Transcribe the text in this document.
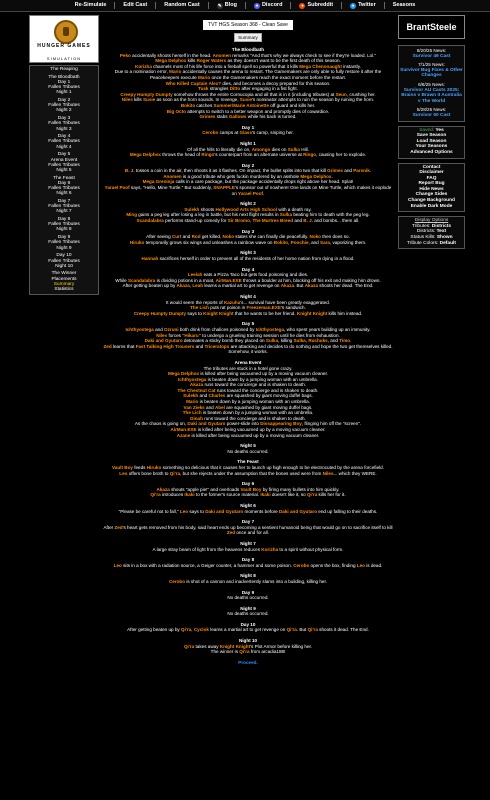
Re-Simulate	Edit Cast	Random Cast	✎ Blog	● Discord	● Subreddit	● Twitter	Seasons
HUNGER GAMES
SIMULATION
The Reaping
The Bloodbath
Day 1
Fallen Tributes
Night 1
Day 2
Fallen Tributes
Night 2
Day 3
Fallen Tributes
Night 3
Day 4
Fallen Tributes
Night 4
Day 5
Arena Event
Fallen Tributes
Night 5
The Feast
Day 6
Fallen Tributes
Night 6
Day 7
Fallen Tributes
Night 7
Day 8
Fallen Tributes
Night 8
Day 9
Fallen Tributes
Night 9
Day 10
Fallen Tributes
Night 10
The Winner
Placements
Summary
Statistics
TVT HGS Season 368 - Clean Save
Summary
The Bloodbath
Peko accidentally shoots herself in the head. Anomen remarks "And that's why we always check to see if they're loaded. Lol."
Mega Delphox kills Roger Waters as they doesn't want to be the first death of this season.
Korizha channels most of his life force into a fireball spell so powerful that it kills Mega Chenonaught instantly.
Due to a nomination error, Mario accidentally causes the arena to restart. The Gamemakers are only able to fully restore it after the Peacekeepers execute Mario once the Gamemakers reach the exact moment before the restart.
Who Killed Captain Alex? dies, and becomes a decoy prepared for this season.
Tusk strangles Ditto after engaging in a fist fight.
Creepy Humpty Dumpty somehow throws the entire Cornucopia and all that is in it (including tributes) at Seun, crushing her.
Niles kills Susie as soon as the horn sounds. In revenge, Susie's nominator attempts to ruin the season by ruining the horn.
Bokito catches Summer/Marie Antoinette off guard and kills her.
Big Octo attempts to switch to a better weapon and promptly dies of cowardice.
Grimes stabs Gallows while his back is turned.
Day 1
Cerobo camps at Glass's camp, sniping her.
Night 1
Of all the hills to literally die on, Amongo dies on Sulka Hill.
Mega Delphox throws the head of Ringo's counterpart from an alternate universe at Ringo, causing her to explode.
Day 2
B. J. tosses a coin in the air, then shoots it as it flashes. On impact, the bullet splits into two that kill Grimes and Parsnik.
Anomen is a good tribute who gets fuckin murdered by an asshole Mega Delphox.
Mega Greninja calls in a care package, but the package accidentally drops right above her head. Splat!
Yarael Poof says, "Hello, Mine Turtle." But suddenly, SNAPPLE's sponsor out of nowhere! One lands on Mine Turtle, which makes it explode on Yarael Poof.
Night 2
Sulekh shoots Hollywood Arts High School with a death ray.
Ming gains a peg leg after losing a leg in battle, but his next flight results in Sulka beating him to death with the peg leg.
Scandalabra performs stand-up comedy for Sir Bromo, The Murtres Breed and B. J. and bombs... them all.
Day 3
After seeing Curt and Rod get killed, Noko states she can finally die peacefully. Noko then does so.
Hiruko temporarily grows six wings and unleashes a rainbow wave on Bokito, Poochie, and Sara, vaporizing them.
Night 3
Hannah sacrifices herself in order to prevent all of the residents of her home nation from dying in a flood.
Day 4
Leelah eats a Pizza Taco but gets food poisoning and dies.
While Scandalabra is dividing potions in a moat, AirMan.EXE throws a boulder at him, blocking off his exit and making him drown.
After getting beaten up by Akaza, Leah learns a martial art to get revenge on Akaza. But Akaza shoots her dead. The End.
Night 4
It would seem the reports of Kazuha's... survival have been greatly exaggerated.
The Lich puts rat poison in Freezeman.EXE's sandwich.
Creepy Humpty Dumpty says to Knight Knight that he wants to be her friend. Knight Knight kills him instead.
Day 5
Ichthyostega and Ozruni both drink from chalices poisoned by Ichthyostega, who spent years building up an immunity.
Niles forces "Hikaru" to undergo a grueling training session until he dies from exhaustion.
Daki and Gyutaro detonates a sticky bomb they placed on Sulka, killing Sulka, Ruchuks, and Timo.
Zed learns that Fast Talking High Trousers and Triceratops are attacking and decides to do nothing and hope the two get themselves killed. Somehow, it works.
Arena Event
The tributes are stuck in a hotel gone crazy.
Mega Delphox is killed after being vacuumed up by a moving vacuum cleaner.
Ichthyostega is beaten down by a jumping woman with an umbrella.
Akaza runs toward the concierge and is shaken to death.
The Chestnut Cat runs toward the concierge and is shaken to death.
Sulekh and Charles are squashed by giant moving duffel bags.
Mario is beaten down by a jumping woman with an umbrella.
Van Zieks and Abel are squashed by giant moving duffel bags.
The Lich is beaten down by a jumping woman with an umbrella.
Dinah runs toward the concierge and is shaken to death.
As the chaos is going on, Daki and Gyutaro power-slide into Dissappearing Boy, flinging him off the "screen".
AirMan.EXE is killed after being vacuumed up by a moving vacuum cleaner.
Azane is killed after being vacuumed up by a moving vacuum cleaner.
Night 5
No deaths occurred.
The Feast
Vault Boy feeds Hiruko something so delicious that it causes her to launch up high enough to be electrocuted by the arena forcefield.
Leo offers bone broth to Qi'ra, but she rejects under the assumption that the bones used were from Niles... which they WERE.
Day 6
Akaza shouts "apple pie!" and overloads Vault Boy by firing many bullets into him quickly.
Qi'ra introduces Ikaki to the former's source material. Ikaki doesn't like it, so Qi'ra kills her for it.
Night 6
"Please be careful not to fall," Leo says to Daki and Gyutaro moments before Daki and Gyutaro end up falling to their deaths.
Day 7
After Zed's heart gets removed from his body, said heart ends up becoming a sentient humanoid being that would go on to sacrifice itself to kill Zed once and for all.
Night 7
A large stray beam of light from the heavens reduces Korizha to a spirit without physical form.
Day 8
Leo sits in a box with a radiation source, a Geiger counter, a hammer and some poison. Cerobo opens the box, finding Leo is dead.
Night 8
Cerobo is shot of a cannon and inadvertently slams into a building, killing her.
Day 9
No deaths occurred.
Night 9
No deaths occurred.
Day 10
After getting beaten up by Qi'ra, Cyclok learns a martial art to get revenge on Qi'ra. But Qi'ra shoots it dead. The End.
Night 10
Qi'ra takes away Knight Knight's Plot Armor before killing her.
The winner is Qi'ra from arcadia188!
Proceed.
BrantSteele
8/20/25 News:
Survivor 49 Cast
7/1/25 News:
Survivor Bug Fixes & Other Changes
6/8/25 News:
Survivor AU Casts 2025: Brains v Brawn II Australia v The World
5/28/25 News:
Survivor 50 Cast
Saved: Yes
Save Season
Load Season
Your Seasons
Advanced Options
Contact
Disclaimer
FAQ
Report Bug
Hide News
Change Sides
Change Background
Enable Dark Mode
Display Options
Tributes: Districts
Districts: Text
Status Kills: Shown
Tribute Colors: Default
